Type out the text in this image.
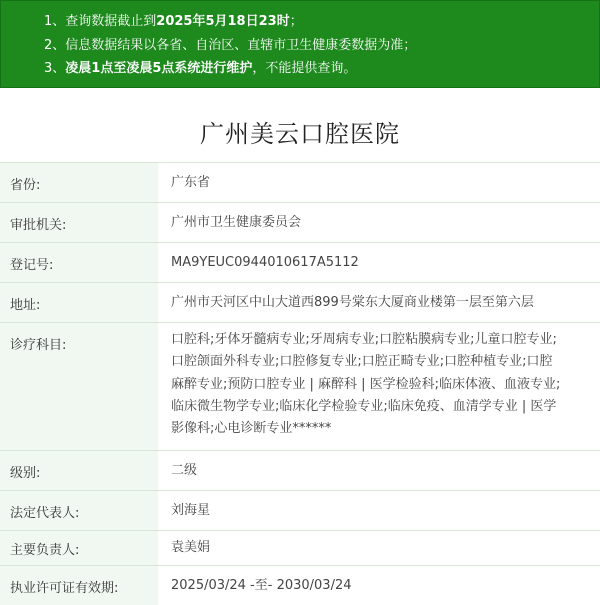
1、查询数据截止到2025年5月18日23时；
2、信息数据结果以各省、自治区、直辖市卫生健康委数据为准；
3、凌晨1点至凌晨5点系统进行维护，不能提供查询。
广州美云口腔医院
省份:	广东省
审批机关:	广州市卫生健康委员会
登记号:	MA9YEUC0944010617A5112
地址:	广州市天河区中山大道西899号棠东大厦商业楼第一层至第六层
诊疗科目:	口腔科;牙体牙髓病专业;牙周病专业;口腔粘膜病专业;儿童口腔专业;
口腔颌面外科专业;口腔修复专业;口腔正畸专业;口腔种植专业;口腔
麻醉专业;预防口腔专业 | 麻醉科 | 医学检验科;临床体液、血液专业;
临床微生物学专业;临床化学检验专业;临床免疫、血清学专业 | 医学
影像科;心电诊断专业******
级别:	二级
法定代表人:	刘海星
主要负责人:	袁美娟
执业许可证有效期:	2025/03/24 -至- 2030/03/24
